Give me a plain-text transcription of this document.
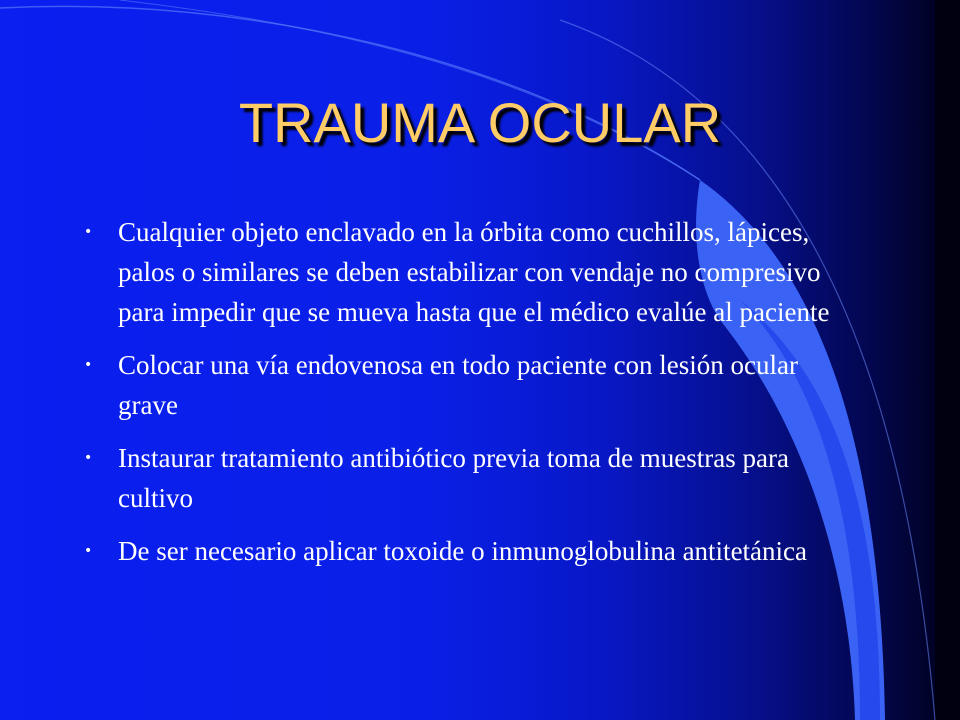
TRAUMA OCULAR
• Cualquier objeto enclavado en la órbita como cuchillos, lápices, palos o similares se deben estabilizar con vendaje no compresivo para impedir que se mueva hasta que el médico evalúe al paciente
• Colocar una vía endovenosa en todo paciente con lesión ocular grave
• Instaurar tratamiento antibiótico previa toma de muestras para cultivo
• De ser necesario aplicar toxoide o inmunoglobulina antitetánica
